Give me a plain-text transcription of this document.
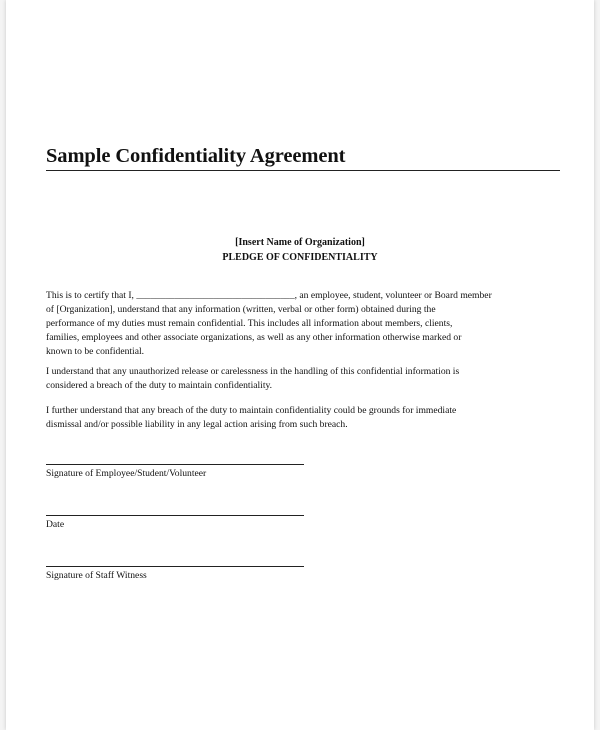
Sample Confidentiality Agreement
[Insert Name of Organization]
PLEDGE OF CONFIDENTIALITY
This is to certify that I, _________________________________, an employee, student, volunteer or Board member
of [Organization], understand that any information (written, verbal or other form) obtained during the
performance of my duties must remain confidential. This includes all information about members, clients,
families, employees and other associate organizations, as well as any other information otherwise marked or
known to be confidential.
I understand that any unauthorized release or carelessness in the handling of this confidential information is
considered a breach of the duty to maintain confidentiality.
I further understand that any breach of the duty to maintain confidentiality could be grounds for immediate
dismissal and/or possible liability in any legal action arising from such breach.
Signature of Employee/Student/Volunteer
Date
Signature of Staff Witness
